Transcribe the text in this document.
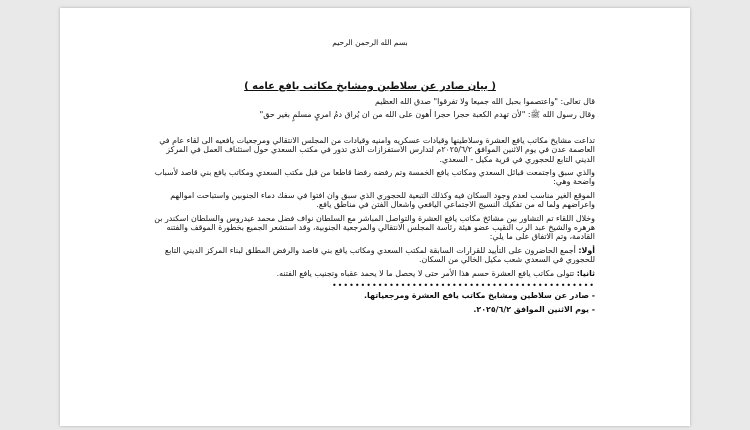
بسم الله الرحمن الرحيم
( بيان صادر عن سلاطين ومشايخ مكاتب يافع عامه )

قال تعالى: "واعتصموا بحبل الله جميعا ولا تفرقوا" صدق الله العظيم

وقال رسول الله ﷺ: "لأن تهدم الكعبة حجرا حجرا أهون على الله من ان يُراق دمُ امريٍ مسلمٍ بغير حق"

تداعت مشايخ مكاتب يافع العشرة وسلاطينها وقيادات عسكريه وامنيه وقيادات من المجلس الانتقالي ومرجعيات يافعيه الى لقاء عام في العاصمة عدن في يوم الاثنين الموافق ٢٠٢٥/٦/٢م لتدارس الاستفزازات الذى تدور في مكتب السعدي حول استئناف العمل في المركز الديني التابع للحجوري في قرية مكيل - السعدي.

والذي سبق واجتمعت قبائل السعدي ومكاتب يافع الخمسة وتم رفضه رفضا قاطعا من قبل مكتب السعدي ومكاتب يافع بني قاصد لأسباب واضحة وهي:

الموقع الغير مناسب لعدم وجود السكان فيه وكذلك التبعية للحجوري الذي سبق وان افتوا في سفك دماء الجنوبين واستباحت اموالهم واعراضهم ولما له من تفكيك النسيج الاجتماعي اليافعي واشعال الفتن في مناطق يافع.

وخلال اللقاء تم التشاور بين مشائخ مكاتب يافع العشرة والتواصل المباشر مع السلطان نواف فضل محمد عيدروس والسلطان اسكندر بن هرهره والشيخ عبد الرب النقيب عضو هيئة رئاسة المجلس الانتقالي والمرجعية الجنوبية، وقد استشعر الجميع بخطورة الموقف والفتنه القادمة، وتم الاتفاق على ما يلي:

أولا: أجمع الحاضرون على التأييد للقرارات السابقة لمكتب السعدي ومكاتب يافع بني قاصد والرفض المطلق لبناء المركز الديني التابع للحجوري في السعدي شعب مكيل الخالي من السكان.

ثانيا: تتولى مكاتب يافع العشرة حسم هذا الأمر حتى لا يحصل ما لا يحمد عقباه وتجنيب يافع الفتنه.

••••••••••••••••••••••••••••••••••••••••••••••

- صادر عن سلاطين ومشايخ مكاتب يافع العشرة ومرجعياتها.

- يوم الاثنين الموافق ٢٠٢٥/٦/٢.
